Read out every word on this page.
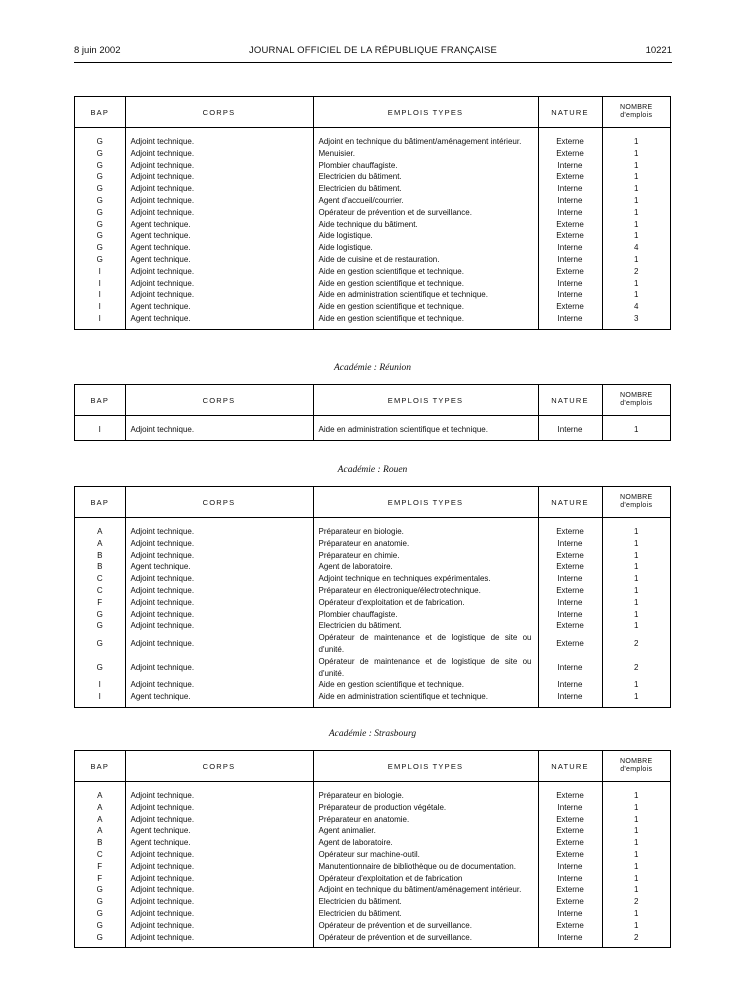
8 juin 2002	JOURNAL OFFICIEL DE LA RÉPUBLIQUE FRANÇAISE	10221
BAP	CORPS	EMPLOIS TYPES	NATURE	NOMBRE
d'emplois

G	Adjoint technique.	Adjoint en technique du bâtiment/aménagement intérieur.	Externe	1
G	Adjoint technique.	Menuisier.	Externe	1
G	Adjoint technique.	Plombier chauffagiste.	Interne	1
G	Adjoint technique.	Electricien du bâtiment.	Externe	1
G	Adjoint technique.	Electricien du bâtiment.	Interne	1
G	Adjoint technique.	Agent d'accueil/courrier.	Interne	1
G	Adjoint technique.	Opérateur de prévention et de surveillance.	Interne	1
G	Agent technique.	Aide technique du bâtiment.	Externe	1
G	Agent technique.	Aide logistique.	Externe	1
G	Agent technique.	Aide logistique.	Interne	4
G	Agent technique.	Aide de cuisine et de restauration.	Interne	1
I	Adjoint technique.	Aide en gestion scientifique et technique.	Externe	2
I	Adjoint technique.	Aide en gestion scientifique et technique.	Interne	1
I	Adjoint technique.	Aide en administration scientifique et technique.	Interne	1
I	Agent technique.	Aide en gestion scientifique et technique.	Externe	4
I	Agent technique.	Aide en gestion scientifique et technique.	Interne	3

Académie : Réunion
BAP	CORPS	EMPLOIS TYPES	NATURE	NOMBRE
d'emplois

I	Adjoint technique.	Aide en administration scientifique et technique.	Interne	1

Académie : Rouen
BAP	CORPS	EMPLOIS TYPES	NATURE	NOMBRE
d'emplois

A	Adjoint technique.	Préparateur en biologie.	Externe	1
A	Adjoint technique.	Préparateur en anatomie.	Interne	1
B	Adjoint technique.	Préparateur en chimie.	Externe	1
B	Agent technique.	Agent de laboratoire.	Externe	1
C	Adjoint technique.	Adjoint technique en techniques expérimentales.	Interne	1
C	Adjoint technique.	Préparateur en électronique/électrotechnique.	Externe	1
F	Adjoint technique.	Opérateur d'exploitation et de fabrication.	Interne	1
G	Adjoint technique.	Plombier chauffagiste.	Interne	1
G	Adjoint technique.	Electricien du bâtiment.	Externe	1
G	Adjoint technique.	Opérateur de maintenance et de logistique de site ou d'unité.	Externe	2
G	Adjoint technique.	Opérateur de maintenance et de logistique de site ou d'unité.	Interne	2
I	Adjoint technique.	Aide en gestion scientifique et technique.	Interne	1
I	Agent technique.	Aide en administration scientifique et technique.	Interne	1

Académie : Strasbourg
BAP	CORPS	EMPLOIS TYPES	NATURE	NOMBRE
d'emplois

A	Adjoint technique.	Préparateur en biologie.	Externe	1
A	Adjoint technique.	Préparateur de production végétale.	Interne	1
A	Adjoint technique.	Préparateur en anatomie.	Externe	1
A	Agent technique.	Agent animalier.	Externe	1
B	Agent technique.	Agent de laboratoire.	Externe	1
C	Adjoint technique.	Opérateur sur machine-outil.	Externe	1
F	Adjoint technique.	Manutentionnaire de bibliothèque ou de documentation.	Interne	1
F	Adjoint technique.	Opérateur d'exploitation et de fabrication	Interne	1
G	Adjoint technique.	Adjoint en technique du bâtiment/aménagement intérieur.	Externe	1
G	Adjoint technique.	Electricien du bâtiment.	Externe	2
G	Adjoint technique.	Electricien du bâtiment.	Interne	1
G	Adjoint technique.	Opérateur de prévention et de surveillance.	Externe	1
G	Adjoint technique.	Opérateur de prévention et de surveillance.	Interne	2
